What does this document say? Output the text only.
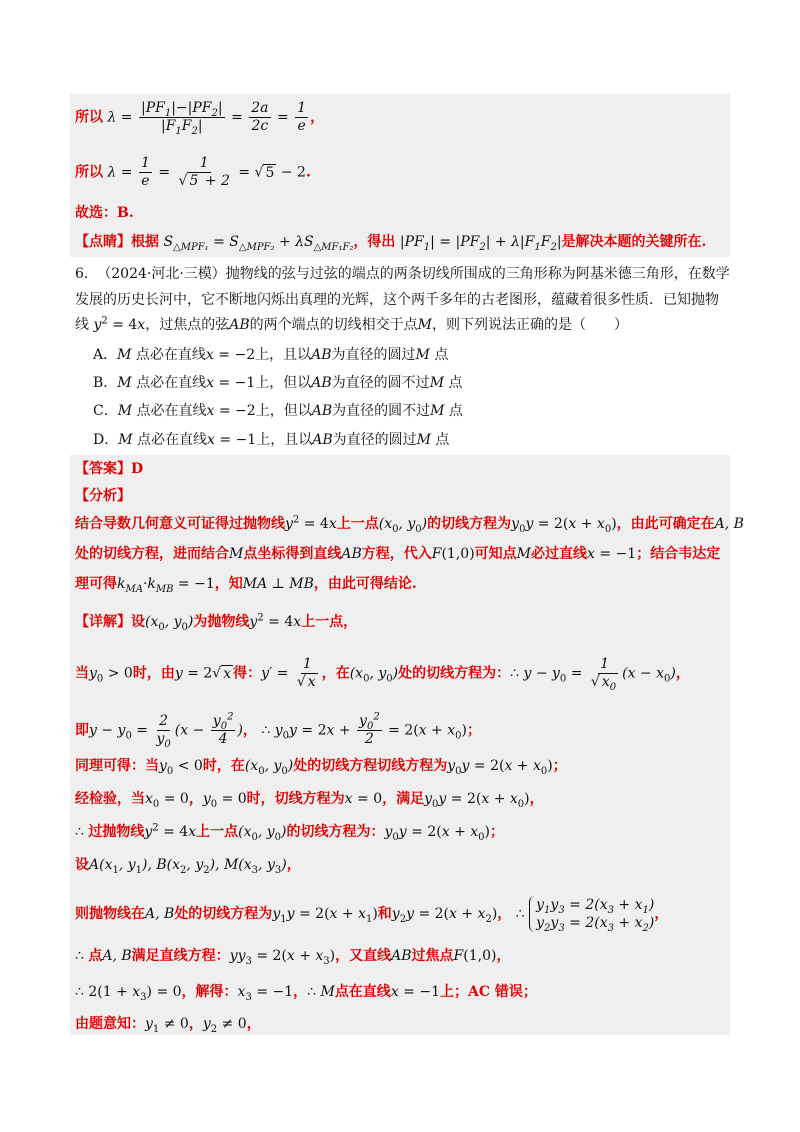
所以 $\lambda = \frac{|PF_1|-|PF_2|}{|F_1F_2|} = \frac{2a}{2c} = \frac{1}{e}$ ，
所以 $\lambda = \frac{1}{e} = \frac{1}{√ 5 + 2}$ = √ 5 − 2.
故选：B.
【点睛】根据 $S_{\triangle MPF_1} = S_{\triangle MPF_2} + \lambda S_{\triangle MF_1F_2}$，得出 $|PF_1| = |PF_2| + \lambda|F_1F_2|$是解决本题的关键所在.
6. （2024·河北·三模）抛物线的弦与过弦的端点的两条切线所围成的三角形称为阿基米德三角形，在数学
发展的历史长河中，它不断地闪烁出真理的光辉，这个两千多年的古老图形，蕴藏着很多性质．已知抛物
线 $y^2 = 4x$，过焦点的弦AB的两个端点的切线相交于点M，则下列说法正确的是（　　）
A．M 点必在直线x = −2上，且以AB为直径的圆过M 点
B．M 点必在直线x = −1上，但以AB为直径的圆不过M 点
C．M 点必在直线x = −2上，但以AB为直径的圆不过M 点
D．M 点必在直线x = −1上，且以AB为直径的圆过M 点
【答案】D
【分析】
结合导数几何意义可证得过抛物线$y^2 = 4x$上一点($x_0$, $y_0$)的切线方程为$y_0y = 2(x + x_0)$，由此可确定在A, B
处的切线方程，进而结合M点坐标得到直线AB方程，代入F(1,0)可知点M必过直线x = −1；结合韦达定
理可得$k_{MA}\cdot k_{MB} = -1$，知MA ⊥ MB，由此可得结论.
【详解】设($x_0$, $y_0$)为抛物线$y^2 = 4x$上一点，
当$y_0 > 0$时，由y = 2√ x 得：$y' = \frac{1}{√ x}$ ，在($x_0$, $y_0$)处的切线方程为：∴ $y - y_0 = \frac{1}{√ x_0} (x - x_0)$，
即$y - y_0 = \frac{2}{y_0} (x - \frac{y_0^2}{4}$ )， ∴ $y_0y = 2x + \frac{y_0^2}{2} = 2(x + x_0)$；
同理可得：当$y_0 < 0$时，在($x_0$, $y_0$)处的切线方程切线方程为$y_0y = 2(x + x_0)$；
经检验，当$x_0 = 0$，$y_0 = 0$时，切线方程为x = 0，满足$y_0y = 2(x + x_0)$，
∴ 过抛物线$y^2 = 4x$上一点($x_0$, $y_0$)的切线方程为：$y_0y = 2(x + x_0)$；
设$A(x_1$, $y_1$), $B(x_2$, $y_2$), $M(x_3$, $y_3$)，
则抛物线在A, B处的切线方程为$y_1y = 2(x + x_1)$和$y_2y = 2(x + x_2)$， ∴
$y_1y_3 = 2(x_3 + x_1)$
$y_2y_3 = 2(x_3 + x_2)$
，
∴ 点A, B满足直线方程：$yy_3 = 2(x + x_3)$，又直线AB过焦点F(1,0)，
∴ $2(1 + x_3) = 0$，解得：$x_3 = -1$，∴ M点在直线x = −1上；AC 错误；
由题意知：$y_1 \ne 0$，$y_2 \ne 0$，
